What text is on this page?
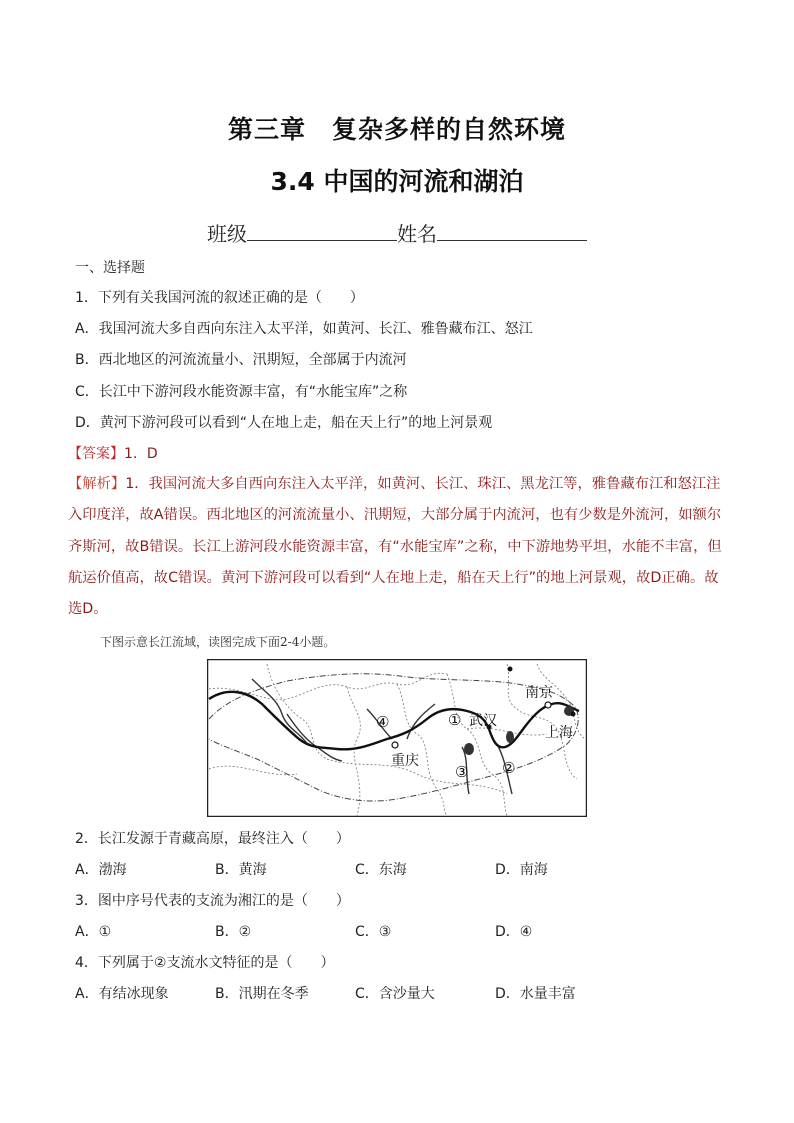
第三章　复杂多样的自然环境
3.4 中国的河流和湖泊
班级	姓名
一、选择题
1．下列有关我国河流的叙述正确的是（　　）
A．我国河流大多自西向东注入太平洋，如黄河、长江、雅鲁藏布江、怒江
B．西北地区的河流流量小、汛期短，全部属于内流河
C．长江中下游河段水能资源丰富，有“水能宝库”之称
D．黄河下游河段可以看到“人在地上走，船在天上行”的地上河景观
【答案】1．D
【解析】1．我国河流大多自西向东注入太平洋，如黄河、长江、珠江、黑龙江等，雅鲁藏布江和怒江注入印度洋，故A错误。西北地区的河流流量小、汛期短，大部分属于内流河，也有少数是外流河，如额尔齐斯河，故B错误。长江上游河段水能资源丰富，有“水能宝库”之称，中下游地势平坦，水能不丰富，但航运价值高，故C错误。黄河下游河段可以看到“人在地上走，船在天上行”的地上河景观，故D正确。故选D。
下图示意长江流域，读图完成下面2-4小题。
南京
武汉
上海
重庆
①
②
③
④
2．长江发源于青藏高原，最终注入（　　）
A．渤海	B．黄海	C．东海	D．南海
3．图中序号代表的支流为湘江的是（　　）
A．①	B．②	C．③	D．④
4．下列属于②支流水文特征的是（　　）
A．有结冰现象	B．汛期在冬季	C．含沙量大	D．水量丰富
